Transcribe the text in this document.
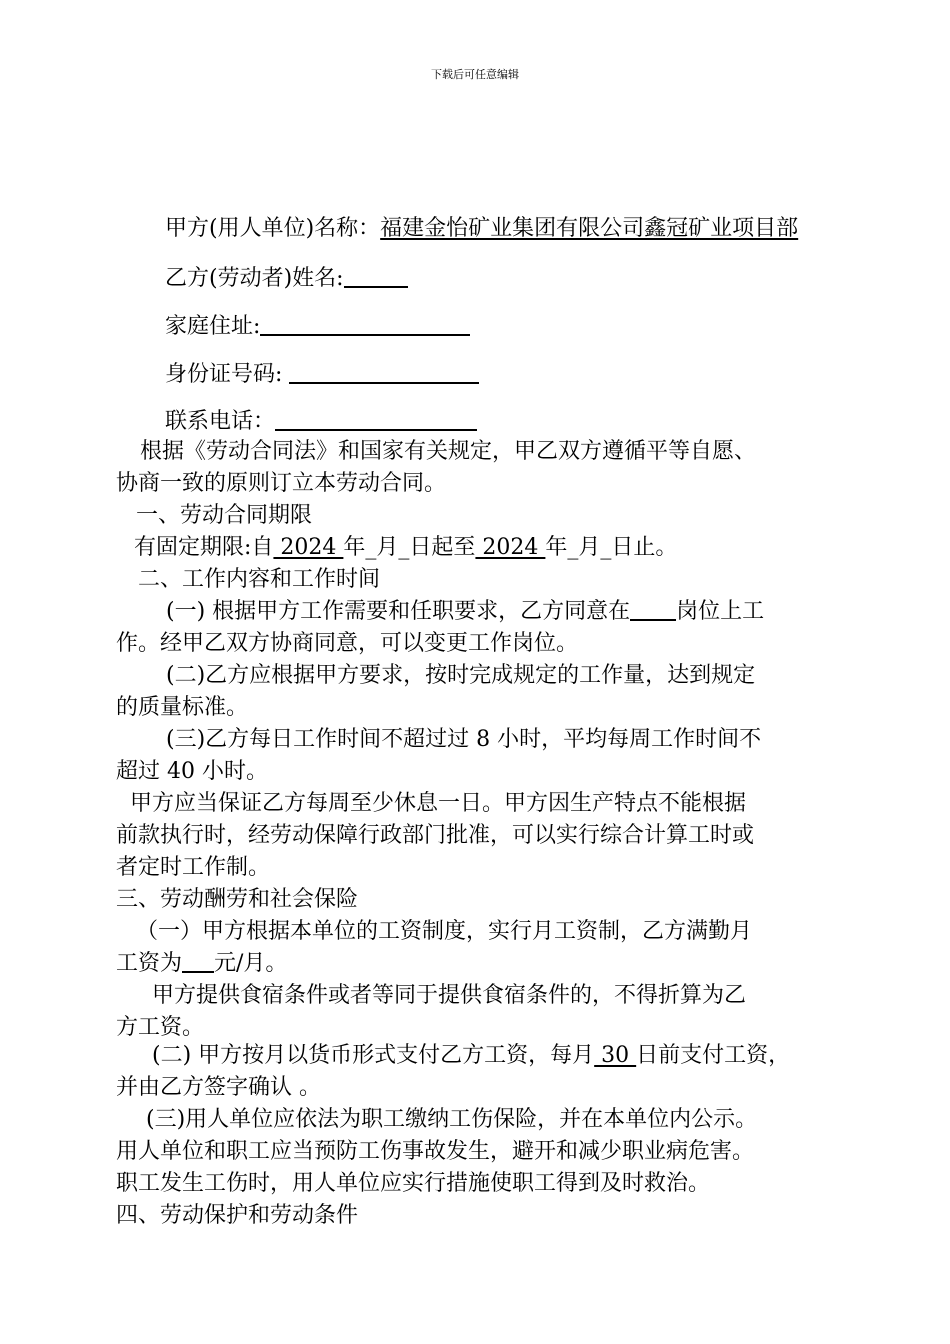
下载后可任意编辑
甲方(用人单位)名称：福建金怡矿业集团有限公司鑫冠矿业项目部
乙方(劳动者)姓名:
家庭住址:
身份证号码:
联系电话：
根据《劳动合同法》和国家有关规定，甲乙双方遵循平等自愿、
协商一致的原则订立本劳动合同。
一、劳动合同期限
有固定期限:自 2024 年_月_日起至 2024 年_月_日止。
二、工作内容和工作时间
(一) 根据甲方工作需要和任职要求，乙方同意在 岗位上工
作。经甲乙双方协商同意，可以变更工作岗位。
(二)乙方应根据甲方要求，按时完成规定的工作量，达到规定
的质量标准。
(三)乙方每日工作时间不超过过 8 小时，平均每周工作时间不
超过 40 小时。
甲方应当保证乙方每周至少休息一日。甲方因生产特点不能根据
前款执行时，经劳动保障行政部门批准，可以实行综合计算工时或
者定时工作制。
三、劳动酬劳和社会保险
（一）甲方根据本单位的工资制度，实行月工资制，乙方满勤月
工资为 元/月。
甲方提供食宿条件或者等同于提供食宿条件的，不得折算为乙
方工资。
(二) 甲方按月以货币形式支付乙方工资，每月 30 日前支付工资，
并由乙方签字确认 。
(三)用人单位应依法为职工缴纳工伤保险，并在本单位内公示。
用人单位和职工应当预防工伤事故发生，避开和减少职业病危害。
职工发生工伤时，用人单位应实行措施使职工得到及时救治。
四、劳动保护和劳动条件
